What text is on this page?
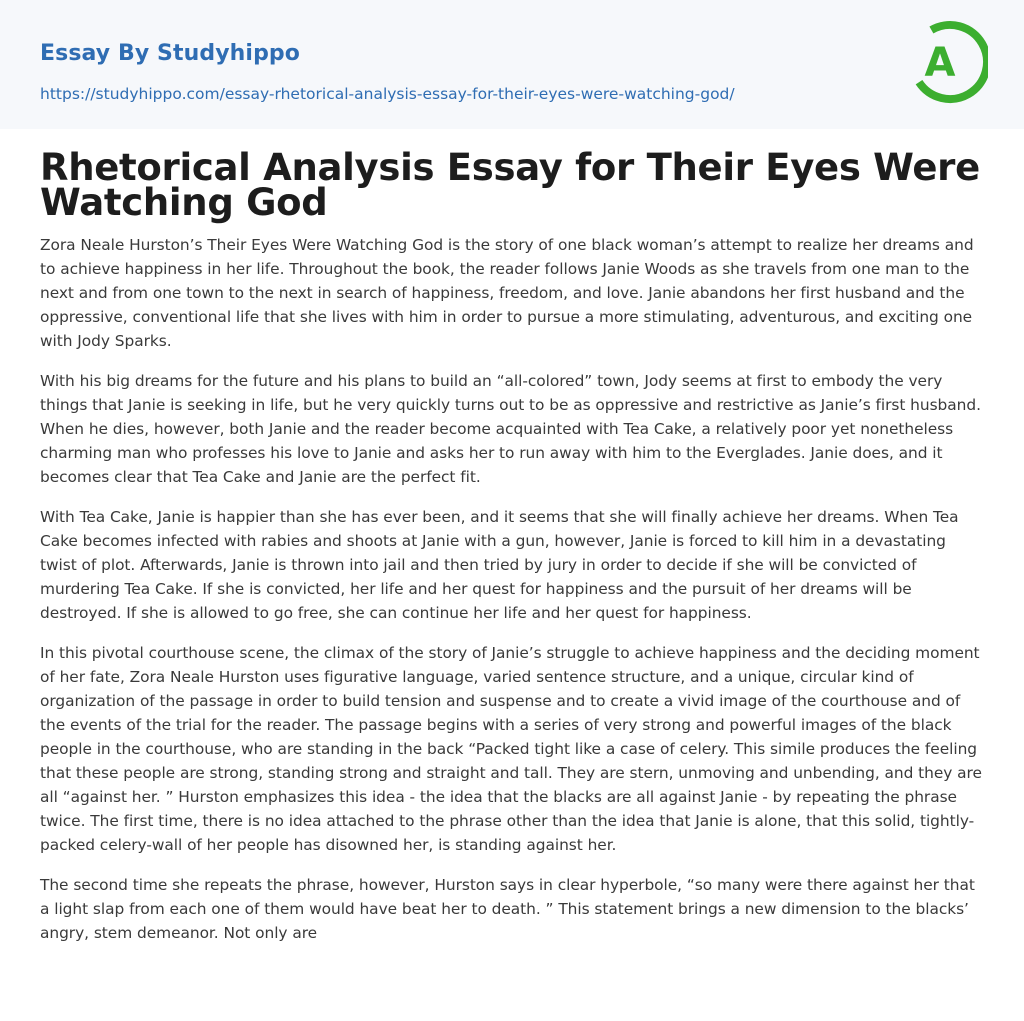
Essay By Studyhippo
https://studyhippo.com/essay-rhetorical-analysis-essay-for-their-eyes-were-watching-god/
A
Rhetorical Analysis Essay for Their Eyes Were Watching God

Zora Neale Hurston’s Their Eyes Were Watching God is the story of one black woman’s attempt to realize her dreams and to achieve happiness in her life. Throughout the book, the reader follows Janie Woods as she travels from one man to the next and from one town to the next in search of happiness, freedom, and love. Janie abandons her first husband and the oppressive, conventional life that she lives with him in order to pursue a more stimulating, adventurous, and exciting one with Jody Sparks.

With his big dreams for the future and his plans to build an “all-colored” town, Jody seems at first to embody the very things that Janie is seeking in life, but he very quickly turns out to be as oppressive and restrictive as Janie’s first husband. When he dies, however, both Janie and the reader become acquainted with Tea Cake, a relatively poor yet nonetheless charming man who professes his love to Janie and asks her to run away with him to the Everglades. Janie does, and it becomes clear that Tea Cake and Janie are the perfect fit.

With Tea Cake, Janie is happier than she has ever been, and it seems that she will finally achieve her dreams. When Tea Cake becomes infected with rabies and shoots at Janie with a gun, however, Janie is forced to kill him in a devastating twist of plot. Afterwards, Janie is thrown into jail and then tried by jury in order to decide if she will be convicted of murdering Tea Cake. If she is convicted, her life and her quest for happiness and the pursuit of her dreams will be destroyed. If she is allowed to go free, she can continue her life and her quest for happiness.

In this pivotal courthouse scene, the climax of the story of Janie’s struggle to achieve happiness and the deciding moment of her fate, Zora Neale Hurston uses figurative language, varied sentence structure, and a unique, circular kind of organization of the passage in order to build tension and suspense and to create a vivid image of the courthouse and of the events of the trial for the reader. The passage begins with a series of very strong and powerful images of the black people in the courthouse, who are standing in the back “Packed tight like a case of celery. This simile produces the feeling that these people are strong, standing strong and straight and tall. They are stern, unmoving and unbending, and they are all “against her. ” Hurston emphasizes this idea - the idea that the blacks are all against Janie - by repeating the phrase twice. The first time, there is no idea attached to the phrase other than the idea that Janie is alone, that this solid, tightly-packed celery-wall of her people has disowned her, is standing against her.

The second time she repeats the phrase, however, Hurston says in clear hyperbole, “so many were there against her that a light slap from each one of them would have beat her to death. ” This statement brings a new dimension to the blacks’ angry, stem demeanor. Not only are
